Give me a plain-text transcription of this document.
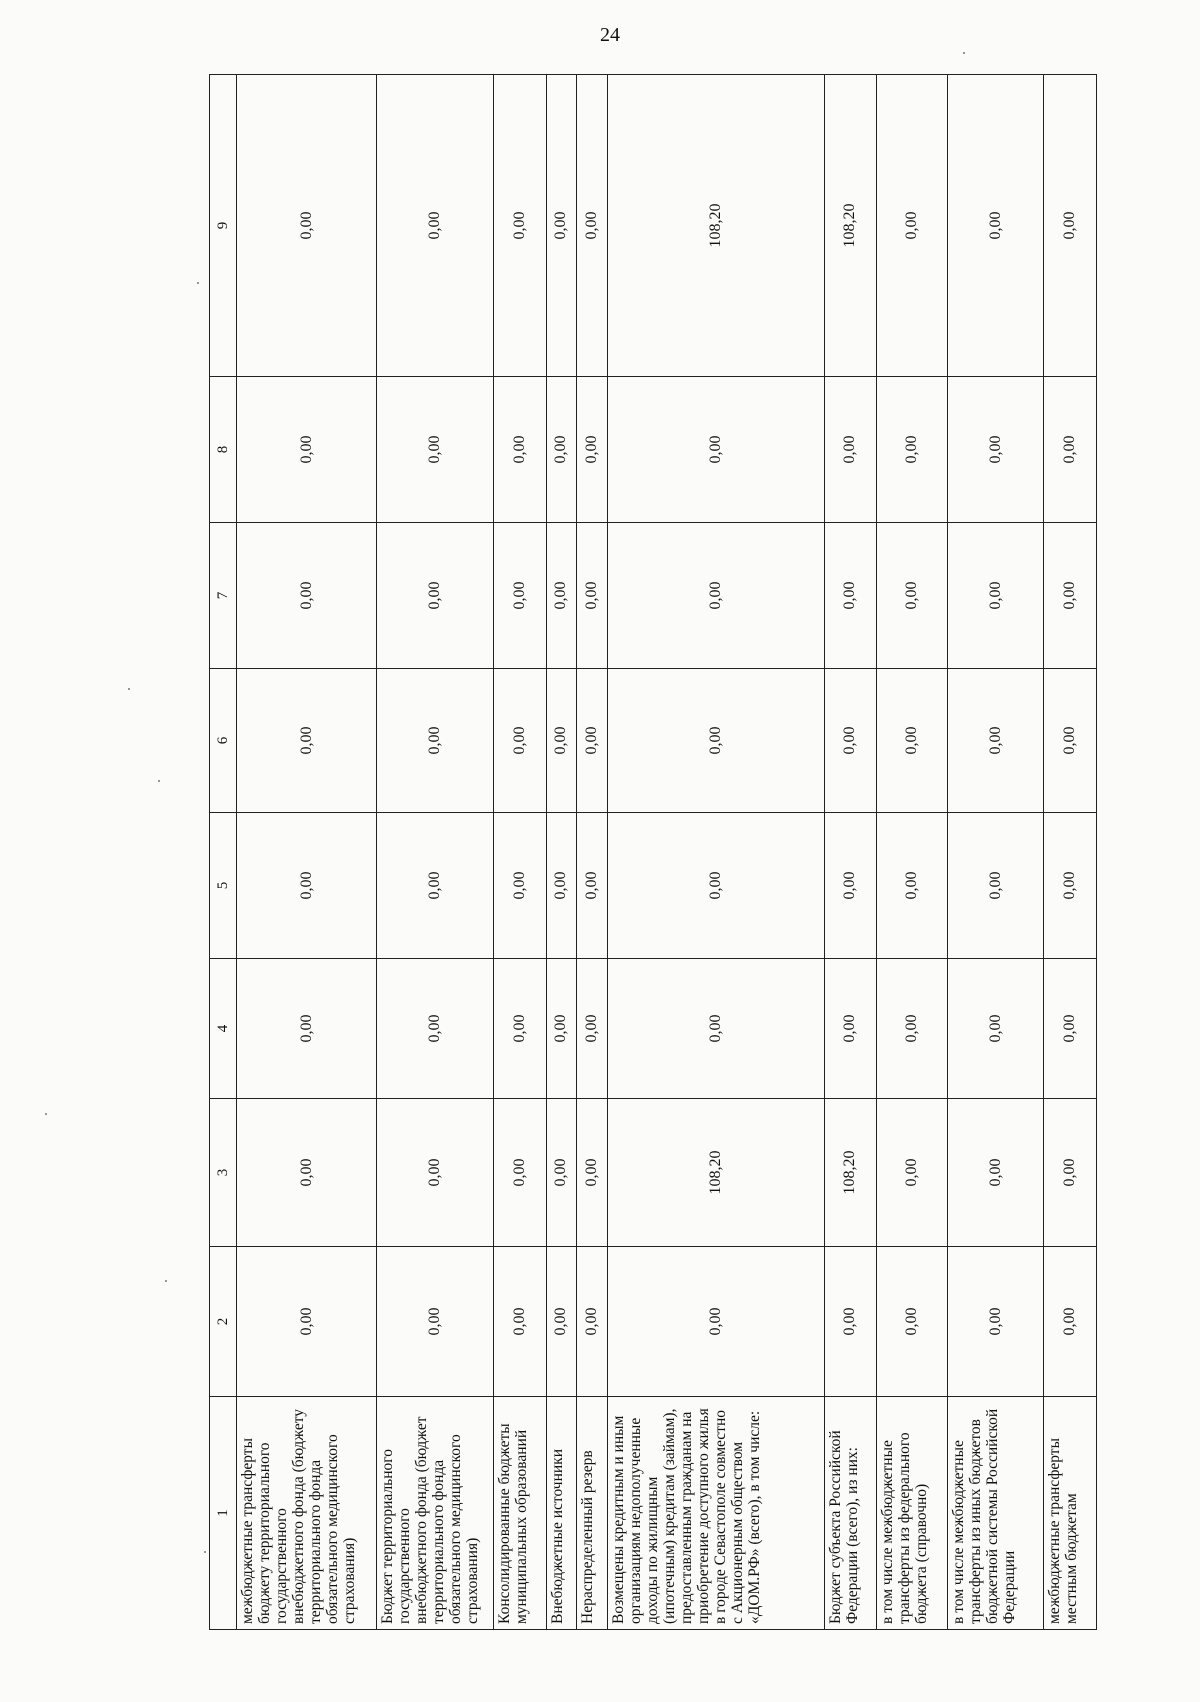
24
1	2	3	4	5	6	7	8	9
межбюджетные трансферты бюджету территориального государственного внебюджетного фонда (бюджету территориального фонда обязательного медицинского страхования)	0,00	0,00	0,00	0,00	0,00	0,00	0,00	0,00
Бюджет территориального государственного внебюджетного фонда (бюджет территориального фонда обязательного медицинского страхования)	0,00	0,00	0,00	0,00	0,00	0,00	0,00	0,00
Консолидированные бюджеты муниципальных образований	0,00	0,00	0,00	0,00	0,00	0,00	0,00	0,00
Внебюджетные источники	0,00	0,00	0,00	0,00	0,00	0,00	0,00	0,00
Нераспределенный резерв	0,00	0,00	0,00	0,00	0,00	0,00	0,00	0,00
Возмещены кредитным и иным организациям недополученные доходы по жилищным (ипотечным) кредитам (займам), предоставленным гражданам на приобретение доступного жилья в городе Севастополе совместно с Акционерным обществом «ДОМ.РФ» (всего), в том числе:	0,00	108,20	0,00	0,00	0,00	0,00	0,00	108,20
Бюджет субъекта Российской Федерации (всего), из них:	0,00	108,20	0,00	0,00	0,00	0,00	0,00	108,20
в том числе межбюджетные трансферты из федерального бюджета (справочно)	0,00	0,00	0,00	0,00	0,00	0,00	0,00	0,00
в том числе межбюджетные трансферты из иных бюджетов бюджетной системы Российской Федерации	0,00	0,00	0,00	0,00	0,00	0,00	0,00	0,00
межбюджетные трансферты местным бюджетам	0,00	0,00	0,00	0,00	0,00	0,00	0,00	0,00
